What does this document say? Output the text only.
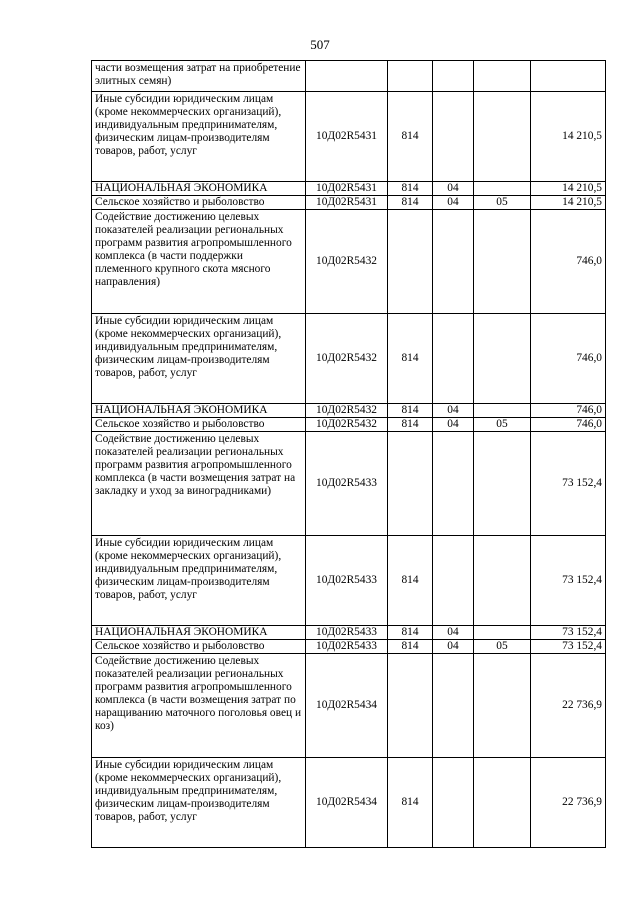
507
части возмещения затрат на приобретение элитных семян)					
Иные субсидии юридическим лицам (кроме некоммерческих организаций), индивидуальным предпринимателям, физическим лицам-производителям товаров, работ, услуг	10Д02R5431	814			14 210,5
НАЦИОНАЛЬНАЯ ЭКОНОМИКА	10Д02R5431	814	04		14 210,5
Сельское хозяйство и рыболовство	10Д02R5431	814	04	05	14 210,5
Содействие достижению целевых показателей реализации региональных программ развития агропромышленного комплекса (в части поддержки племенного крупного скота мясного направления)	10Д02R5432				746,0
Иные субсидии юридическим лицам (кроме некоммерческих организаций), индивидуальным предпринимателям, физическим лицам-производителям товаров, работ, услуг	10Д02R5432	814			746,0
НАЦИОНАЛЬНАЯ ЭКОНОМИКА	10Д02R5432	814	04		746,0
Сельское хозяйство и рыболовство	10Д02R5432	814	04	05	746,0
Содействие достижению целевых показателей реализации региональных программ развития агропромышленного комплекса (в части возмещения затрат на закладку и уход за виноградниками)	10Д02R5433				73 152,4
Иные субсидии юридическим лицам (кроме некоммерческих организаций), индивидуальным предпринимателям, физическим лицам-производителям товаров, работ, услуг	10Д02R5433	814			73 152,4
НАЦИОНАЛЬНАЯ ЭКОНОМИКА	10Д02R5433	814	04		73 152,4
Сельское хозяйство и рыболовство	10Д02R5433	814	04	05	73 152,4
Содействие достижению целевых показателей реализации региональных программ развития агропромышленного комплекса (в части возмещения затрат по наращиванию маточного поголовья овец и коз)	10Д02R5434				22 736,9
Иные субсидии юридическим лицам (кроме некоммерческих организаций), индивидуальным предпринимателям, физическим лицам-производителям товаров, работ, услуг	10Д02R5434	814			22 736,9
